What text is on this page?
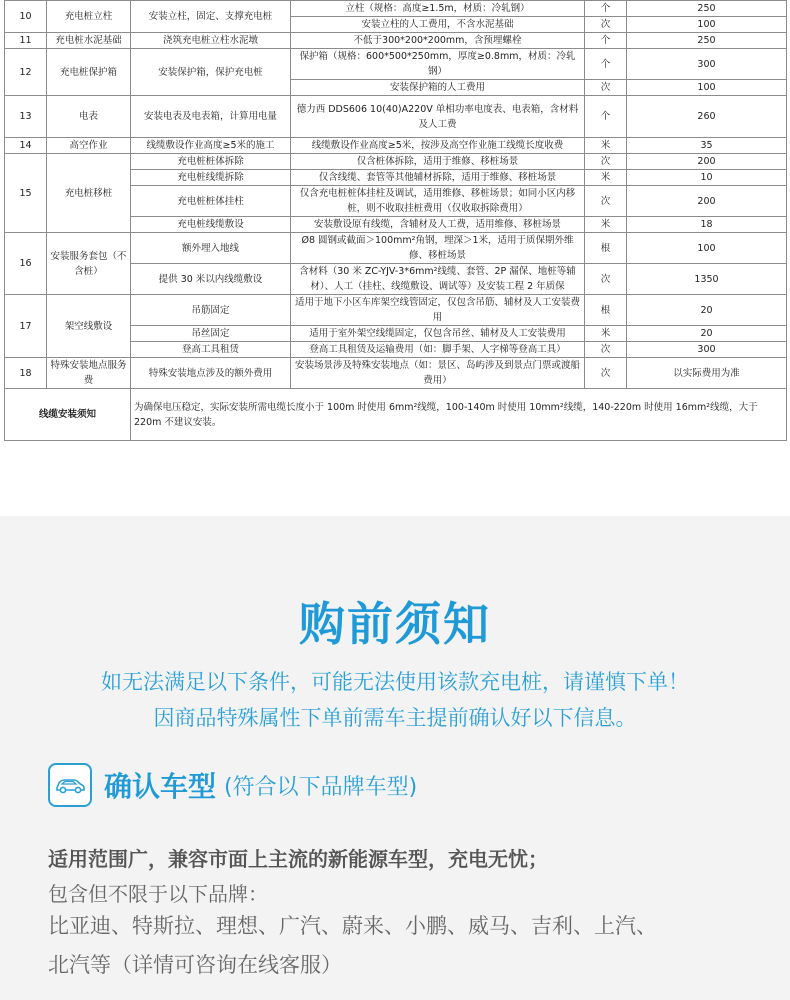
10	充电桩立柱	安装立柱，固定、支撑充电桩	立柱（规格：高度≥1.5m，材质：冷轧钢）	个	250
			安装立柱的人工费用，不含水泥基础	次	100
11	充电桩水泥基础	浇筑充电桩立柱水泥墩	不低于300*200*200mm，含预埋螺栓	个	250
12	充电桩保护箱	安装保护箱，保护充电桩	保护箱（规格：600*500*250mm，厚度≥0.8mm，材质：冷轧钢）	个	300
			安装保护箱的人工费用	次	100
13	电表	安装电表及电表箱，计算用电量	德力西 DDS606 10(40)A220V 单相功率电度表、电表箱，含材料及人工费	个	260
14	高空作业	线缆敷设作业高度≥5米的施工	线缆敷设作业高度≥5米，按涉及高空作业施工线缆长度收费	米	35
15	充电桩移桩	充电桩桩体拆除	仅含桩体拆除，适用于维修、移桩场景	次	200
		充电桩线缆拆除	仅含线缆、套管等其他辅材拆除，适用于维修、移桩场景	米	10
		充电桩桩体挂柱	仅含充电桩桩体挂柱及调试，适用维修、移桩场景；如同小区内移桩，则不收取挂桩费用（仅收取拆除费用）	次	200
		充电桩线缆敷设	安装敷设原有线缆，含辅材及人工费，适用维修、移桩场景	米	18
16	安装服务套包（不含桩）	额外埋入地线	Ø8 圆钢或截面＞100mm²角钢，埋深＞1米，适用于质保期外维修、移桩场景	根	100
		提供 30 米以内线缆敷设	含材料（30 米 ZC-YJV-3*6mm²线缆、套管、2P 漏保、地桩等辅材）、人工（挂柱、线缆敷设、调试等）及安装工程 2 年质保	次	1350
17	架空线敷设	吊筋固定	适用于地下小区车库架空线管固定，仅包含吊筋、辅材及人工安装费用	根	20
		吊丝固定	适用于室外架空线缆固定，仅包含吊丝、辅材及人工安装费用	米	20
		登高工具租赁	登高工具租赁及运输费用（如：脚手架、人字梯等登高工具）	次	300
18	特殊安装地点服务费	特殊安装地点涉及的额外费用	安装场景涉及特殊安装地点（如：景区、岛屿涉及到景点门票或渡船费用）	次	以实际费用为准
线缆安装须知		为确保电压稳定，实际安装所需电缆长度小于 100m 时使用 6mm²线缆，100-140m 时使用 10mm²线缆，140-220m 时使用 16mm²线缆，大于 220m 不建议安装。			
购前须知
如无法满足以下条件，可能无法使用该款充电桩，请谨慎下单！
因商品特殊属性下单前需车主提前确认好以下信息。
确认车型 (符合以下品牌车型)
适用范围广，兼容市面上主流的新能源车型，充电无忧；
包含但不限于以下品牌：
比亚迪、特斯拉、理想、广汽、蔚来、小鹏、威马、吉利、上汽、
北汽等（详情可咨询在线客服）
